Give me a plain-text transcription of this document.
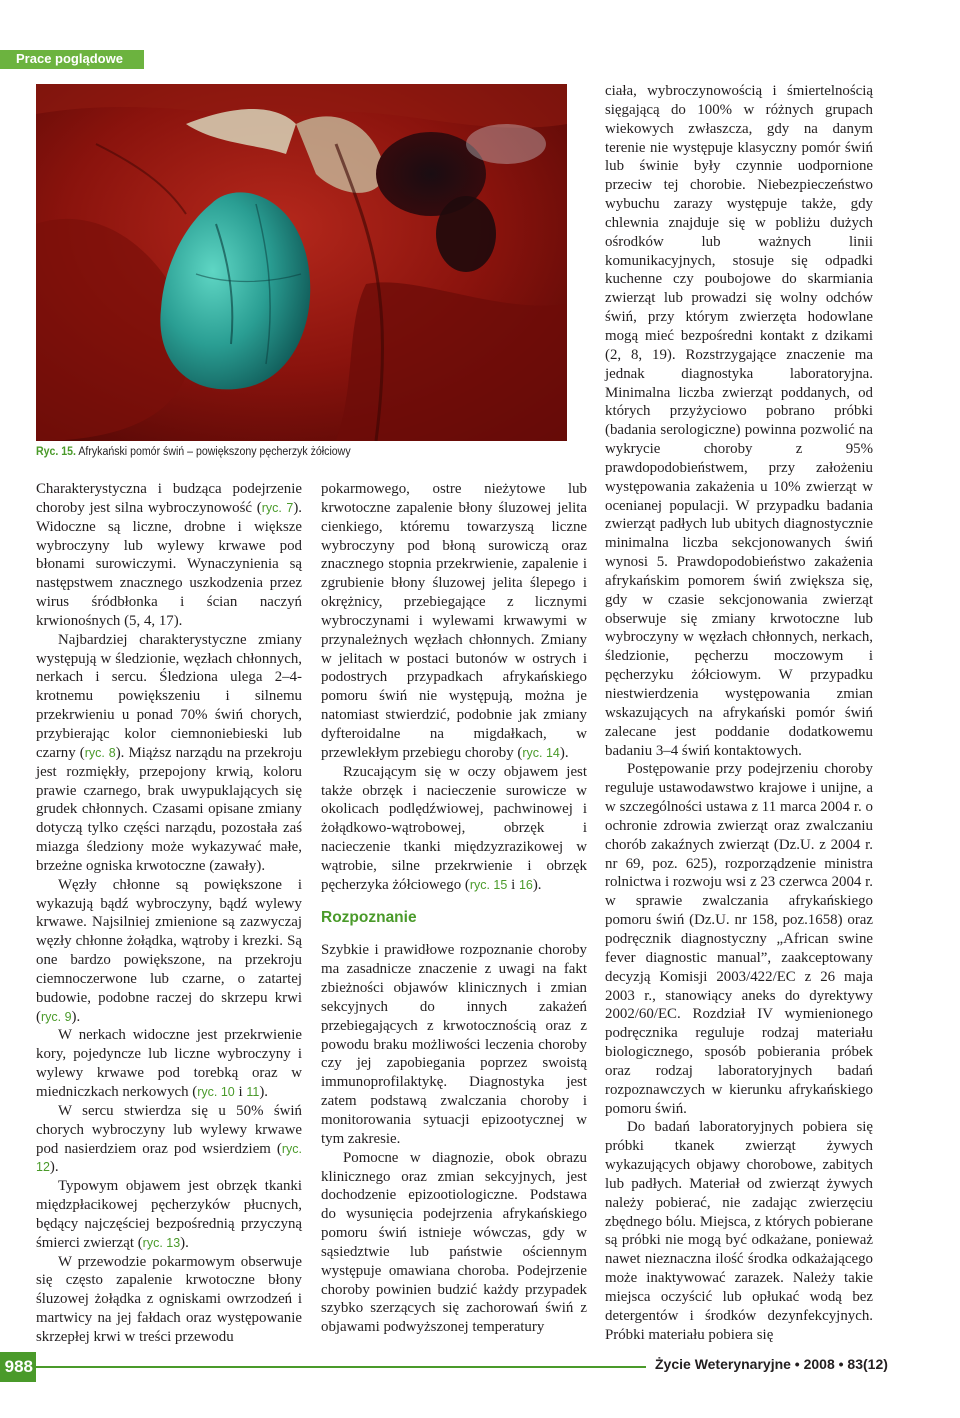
Prace poglądowe
Ryc. 15. Afrykański pomór świń – powiększony pęcherzyk żółciowy

Charakterystyczna i budząca podejrzenie choroby jest silna wybroczynowość (ryc. 7). Widoczne są liczne, drobne i większe wybroczyny lub wylewy krwawe pod błonami surowiczymi. Wynaczynienia są następstwem znacznego uszkodzenia przez wirus śródbłonka i ścian naczyń krwionośnych (5, 4, 17).

Najbardziej charakterystyczne zmiany występują w śledzionie, węzłach chłonnych, nerkach i sercu. Śledziona ulega 2–4-krotnemu powiększeniu i silnemu przekrwieniu u ponad 70% świń chorych, przybierając kolor ciemnoniebieski lub czarny (ryc. 8). Miąższ narządu na przekroju jest rozmiękły, przepojony krwią, koloru prawie czarnego, brak uwypuklających się grudek chłonnych. Czasami opisane zmiany dotyczą tylko części narządu, pozostała zaś miazga śledziony może wykazywać małe, brzeżne ogniska krwotoczne (zawały).

Węzły chłonne są powiększone i wykazują bądź wybroczyny, bądź wylewy krwawe. Najsilniej zmienione są zazwyczaj węzły chłonne żołądka, wątroby i krezki. Są one bardzo powiększone, na przekroju ciemnoczerwone lub czarne, o zatartej budowie, podobne raczej do skrzepu krwi (ryc. 9).

W nerkach widoczne jest przekrwienie kory, pojedyncze lub liczne wybroczyny i wylewy krwawe pod torebką oraz w miedniczkach nerkowych (ryc. 10 i 11).

W sercu stwierdza się u 50% świń chorych wybroczyny lub wylewy krwawe pod nasierdziem oraz pod wsierdziem (ryc. 12).

Typowym objawem jest obrzęk tkanki międzpłacikowej pęcherzyków płucnych, będący najczęściej bezpośrednią przyczyną śmierci zwierząt (ryc. 13).

W przewodzie pokarmowym obserwuje się często zapalenie krwotoczne błony śluzowej żołądka z ogniskami owrzodzeń i martwicy na jej fałdach oraz występowanie skrzepłej krwi w treści przewodu

pokarmowego, ostre nieżytowe lub krwotoczne zapalenie błony śluzowej jelita cienkiego, któremu towarzyszą liczne wybroczyny pod błoną surowiczą oraz znacznego stopnia przekrwienie, zapalenie i zgrubienie błony śluzowej jelita ślepego i okrężnicy, przebiegające z licznymi wybroczynami i wylewami krwawymi w przynależnych węzłach chłonnych. Zmiany w jelitach w postaci butonów w ostrych i podostrych przypadkach afrykańskiego pomoru świń nie występują, można je natomiast stwierdzić, podobnie jak zmiany dyfteroidalne na migdałkach, w przewlekłym przebiegu choroby (ryc. 14).

Rzucającym się w oczy objawem jest także obrzęk i nacieczenie surowicze w okolicach podlędźwiowej, pachwinowej i żołądkowo-wątrobowej, obrzęk i nacieczenie tkanki międzyzrazikowej w wątrobie, silne przekrwienie i obrzęk pęcherzyka żółciowego (ryc. 15 i 16).

Rozpoznanie

Szybkie i prawidłowe rozpoznanie choroby ma zasadnicze znaczenie z uwagi na fakt zbieżności objawów klinicznych i zmian sekcyjnych do innych zakażeń przebiegających z krwotocznością oraz z powodu braku możliwości leczenia choroby czy jej zapobiegania poprzez swoistą immunoprofilaktykę. Diagnostyka jest zatem podstawą zwalczania choroby i monitorowania sytuacji epizootycznej w tym zakresie.

Pomocne w diagnozie, obok obrazu klinicznego oraz zmian sekcyjnych, jest dochodzenie epizootiologiczne. Podstawa do wysunięcia podejrzenia afrykańskiego pomoru świń istnieje wówczas, gdy w sąsiedztwie lub państwie ościennym występuje omawiana choroba. Podejrzenie choroby powinien budzić każdy przypadek szybko szerzących się zachorowań świń z objawami podwyższonej temperatury

ciała, wybroczynowością i śmiertelnością sięgającą do 100% w różnych grupach wiekowych zwłaszcza, gdy na danym terenie nie występuje klasyczny pomór świń lub świnie były czynnie uodpornione przeciw tej chorobie. Niebezpieczeństwo wybuchu zarazy występuje także, gdy chlewnia znajduje się w pobliżu dużych ośrodków lub ważnych linii komunikacyjnych, stosuje się odpadki kuchenne czy poubojowe do skarmiania zwierząt lub prowadzi się wolny odchów świń, przy którym zwierzęta hodowlane mogą mieć bezpośredni kontakt z dzikami (2, 8, 19). Rozstrzygające znaczenie ma jednak diagnostyka laboratoryjna. Minimalna liczba zwierząt poddanych, od których przyżyciowo pobrano próbki (badania serologiczne) powinna pozwolić na wykrycie choroby z 95% prawdopodobieństwem, przy założeniu występowania zakażenia u 10% zwierząt w ocenianej populacji. W przypadku badania zwierząt padłych lub ubitych diagnostycznie minimalna liczba sekcjonowanych świń wynosi 5. Prawdopodobieństwo zakażenia afrykańskim pomorem świń zwiększa się, gdy w czasie sekcjonowania zwierząt obserwuje się zmiany krwotoczne lub wybroczyny w węzłach chłonnych, nerkach, śledzionie, pęcherzu moczowym i pęcherzyku żółciowym. W przypadku niestwierdzenia występowania zmian wskazujących na afrykański pomór świń zalecane jest poddanie dodatkowemu badaniu 3–4 świń kontaktowych.

Postępowanie przy podejrzeniu choroby reguluje ustawodawstwo krajowe i unijne, a w szczególności ustawa z 11 marca 2004 r. o ochronie zdrowia zwierząt oraz zwalczaniu chorób zakaźnych zwierząt (Dz.U. z 2004 r. nr 69, poz. 625), rozporządzenie ministra rolnictwa i rozwoju wsi z 23 czerwca 2004 r. w sprawie zwalczania afrykańskiego pomoru świń (Dz.U. nr 158, poz.1658) oraz podręcznik diagnostyczny „African swine fever diagnostic manual”, zaakceptowany decyzją Komisji 2003/422/EC z 26 maja 2003 r., stanowiący aneks do dyrektywy 2002/60/EC. Rozdział IV wymienionego podręcznika reguluje rodzaj materiału biologicznego, sposób pobierania próbek oraz rodzaj laboratoryjnych badań rozpoznawczych w kierunku afrykańskiego pomoru świń.

Do badań laboratoryjnych pobiera się próbki tkanek zwierząt żywych wykazujących objawy chorobowe, zabitych lub padłych. Materiał od zwierząt żywych należy pobierać, nie zadając zwierzęciu zbędnego bólu. Miejsca, z których pobierane są próbki nie mogą być odkażane, ponieważ nawet nieznaczna ilość środka odkażającego może inaktywować zarazek. Należy takie miejsca oczyścić lub opłukać wodą bez detergentów i środków dezynfekcyjnych. Próbki materiału pobiera się

988	Życie Weterynaryjne • 2008 • 83(12)
